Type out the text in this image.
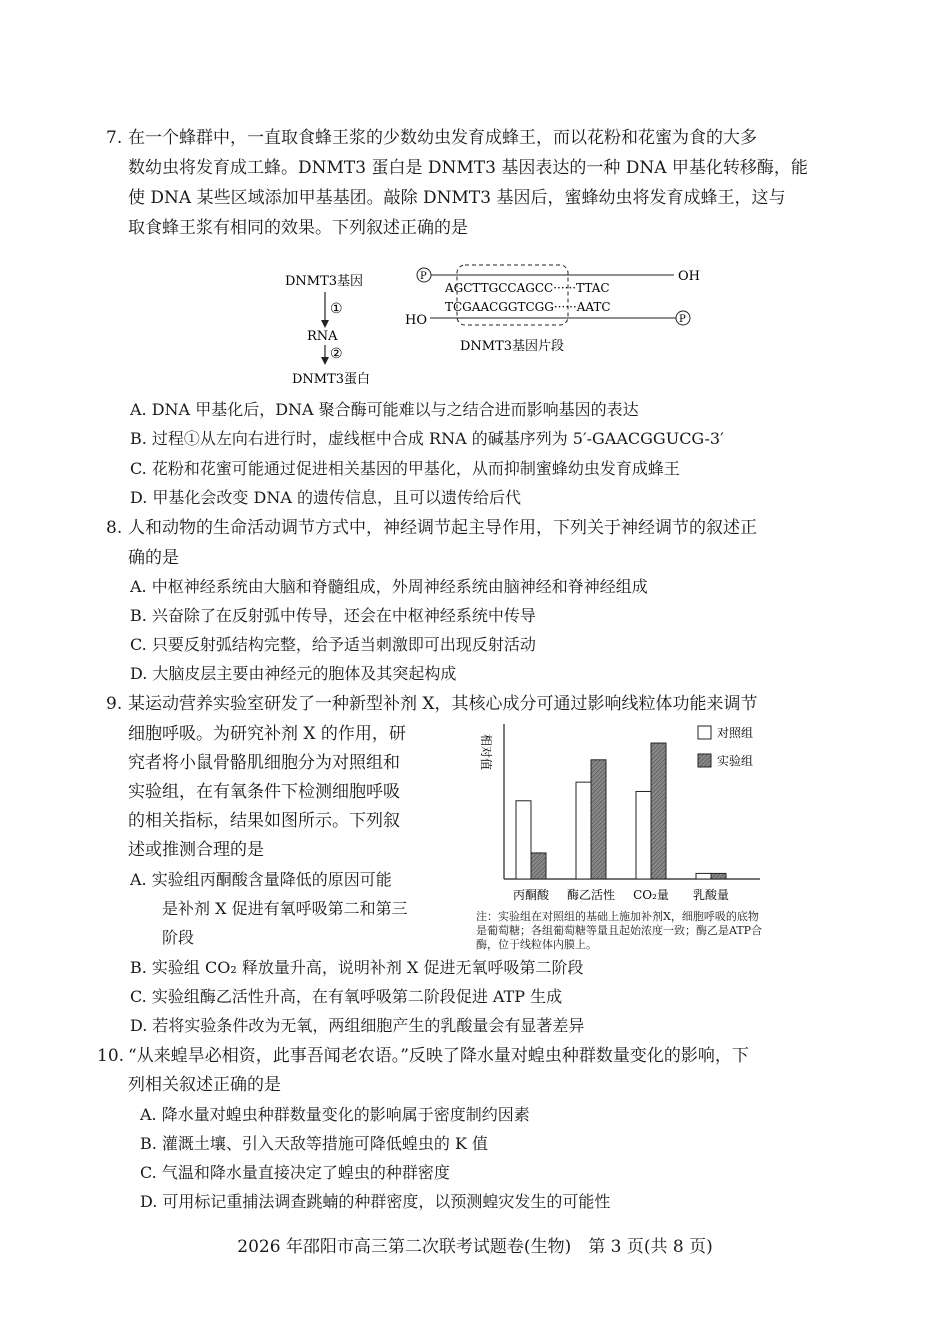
7. 在一个蜂群中，一直取食蜂王浆的少数幼虫发育成蜂王，而以花粉和花蜜为食的大多
数幼虫将发育成工蜂。DNMT3 蛋白是 DNMT3 基因表达的一种 DNA 甲基化转移酶，能
使 DNA 某些区域添加甲基基团。敲除 DNMT3 基因后，蜜蜂幼虫将发育成蜂王，这与
取食蜂王浆有相同的效果。下列叙述正确的是
DNMT3基因
①
RNA
②
DNMT3蛋白
P	OH
AGCTTGCCAGCC······TTAC
TCGAACGGTCGG······AATC
HO	P
DNMT3基因片段
A. DNA 甲基化后，DNA 聚合酶可能难以与之结合进而影响基因的表达
B. 过程①从左向右进行时，虚线框中合成 RNA 的碱基序列为 5′-GAACGGUCG-3′
C. 花粉和花蜜可能通过促进相关基因的甲基化，从而抑制蜜蜂幼虫发育成蜂王
D. 甲基化会改变 DNA 的遗传信息，且可以遗传给后代
8. 人和动物的生命活动调节方式中，神经调节起主导作用，下列关于神经调节的叙述正
确的是
A. 中枢神经系统由大脑和脊髓组成，外周神经系统由脑神经和脊神经组成
B. 兴奋除了在反射弧中传导，还会在中枢神经系统中传导
C. 只要反射弧结构完整，给予适当刺激即可出现反射活动
D. 大脑皮层主要由神经元的胞体及其突起构成
9. 某运动营养实验室研发了一种新型补剂 X，其核心成分可通过影响线粒体功能来调节
细胞呼吸。为研究补剂 X 的作用，研
究者将小鼠骨骼肌细胞分为对照组和
实验组，在有氧条件下检测细胞呼吸
的相关指标，结果如图所示。下列叙
述或推测合理的是
A. 实验组丙酮酸含量降低的原因可能
是补剂 X 促进有氧呼吸第二和第三
阶段
B. 实验组 CO₂ 释放量升高，说明补剂 X 促进无氧呼吸第二阶段
C. 实验组酶乙活性升高，在有氧呼吸第二阶段促进 ATP 生成
D. 若将实验条件改为无氧，两组细胞产生的乳酸量会有显著差异
相对值
丙酮酸 酶乙活性 CO₂量 乳酸量
对照组
实验组
注：实验组在对照组的基础上施加补剂X，细胞呼吸的底物
是葡萄糖；各组葡萄糖等量且起始浓度一致；酶乙是ATP合
酶，位于线粒体内膜上。
10. “从来蝗旱必相资，此事吾闻老农语。”反映了降水量对蝗虫种群数量变化的影响，下
列相关叙述正确的是
A. 降水量对蝗虫种群数量变化的影响属于密度制约因素
B. 灌溉土壤、引入天敌等措施可降低蝗虫的 K 值
C. 气温和降水量直接决定了蝗虫的种群密度
D. 可用标记重捕法调查跳蝻的种群密度，以预测蝗灾发生的可能性
2026 年邵阳市高三第二次联考试题卷(生物)　第 3 页(共 8 页)
